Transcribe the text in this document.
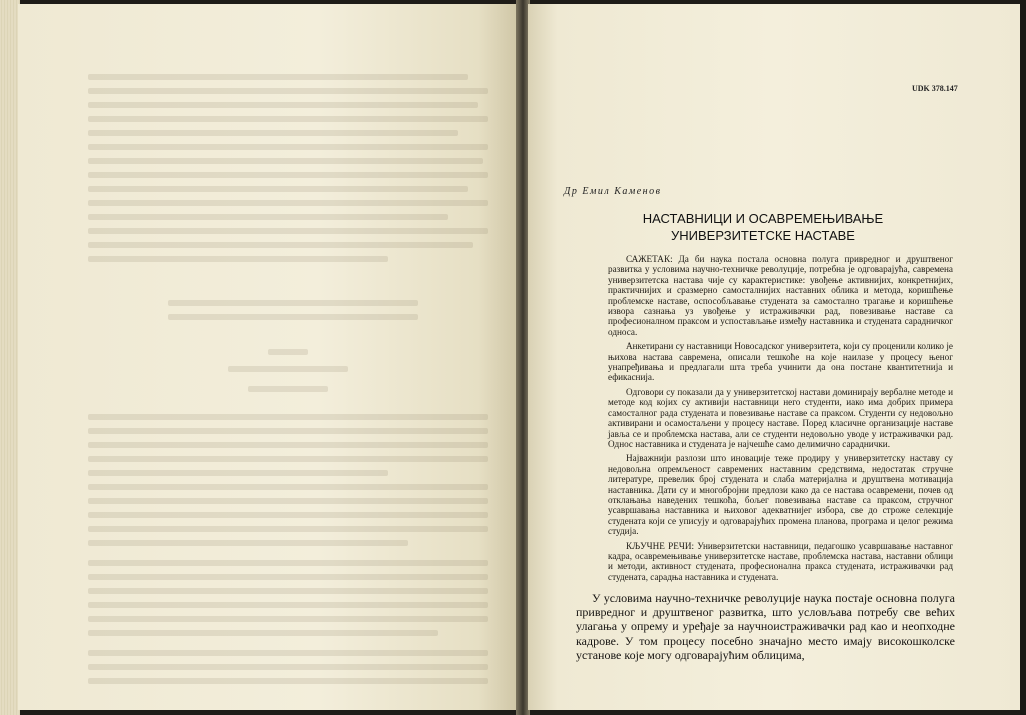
UDK 378.147
Др Емил Каменов
НАСТАВНИЦИ И ОСАВРЕМЕЊИВАЊЕ
УНИВЕРЗИТЕТСКЕ НАСТАВЕ

САЖЕТАК: Да би наука постала основна полуга привредног и друштвеног развитка у условима научно-техничке револуције, потребна је одговарајућа, савремена универзитетска настава чије су карактеристике: увођење активнијих, конкретнијих, практичнијих и сразмерно самосталнијих наставних облика и метода, коришћење проблемске наставе, оспособљавање студената за самостално трагање и коришћење извора сазнања уз увођење у истраживачки рад, повезивање наставе са професионалном праксом и успостављање између наставника и студената сарадничког односа.

Анкетирани су наставници Новосадског универзитета, који су проценили колико је њихова настава савремена, описали тешкоће на које наилазе у процесу њеног унапређивања и предлагали шта треба учинити да она постане квантитетнија и ефикаснија.

Одговори су показали да у универзитетској настави доминирају вербалне методе и методе код којих су активији наставници него студенти, иако има добрих примера самосталног рада студената и повезивање наставе са праксом. Студенти су недовољно активирани и осамостаљени у процесу наставе. Поред класичне организације наставе јавља се и проблемска настава, али се студенти недовољно уводе у истраживачки рад. Однос наставника и студената је најчешће само делимично сараднички.

Најважнији разлози што иновације теже продиру у универзитетску наставу су недовољна опремљеност савремених наставним средствима, недостатак стручне литературе, превелик број студената и слаба материјална и друштвена мотивација наставника. Дати су и многобројни предлози како да се настава осавремени, почев од отклањања наведених тешкоћа, бољег повезивања наставе са праксом, стручног усавршавања наставника и њиховог адекватнијег избора, све до строже селекције студената који се уписују и одговарајућих промена планова, програма и целог режима студија.

КЉУЧНЕ РЕЧИ: Универзитетски наставници, педагошко усавршавање наставног кадра, осавремењивање универзитетске наставе, проблемска настава, наставни облици и методи, активност студената, професионална пракса студената, истраживачки рад студената, сарадња наставника и студената.

У условима научно-техничке револуције наука постаје основна полуга привредног и друштвеног развитка, што условљава потребу све већих улагања у опрему и уређаје за научноистраживачки рад као и неопходне кадрове. У том процесу посебно значајно место имају високошколске установе које могу одговарајућим облицима,
